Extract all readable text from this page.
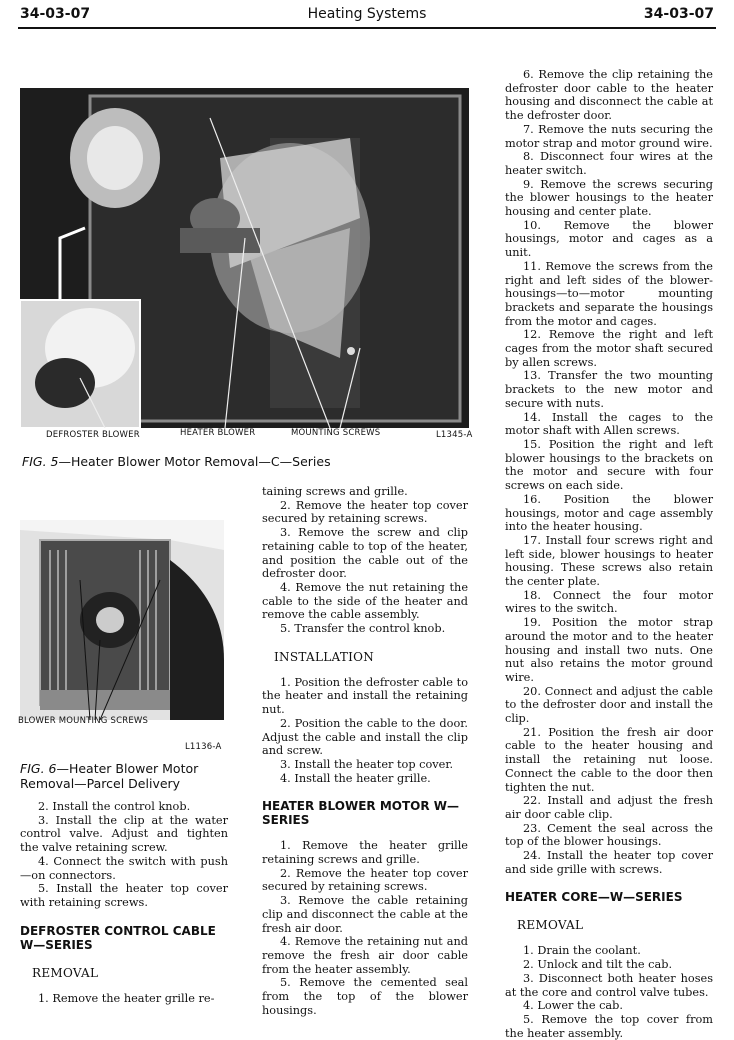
Heating Systems
34-03-07	34-03-07
DEFROSTER BLOWER	HEATER BLOWER	MOUNTING SCREWS	L1345-A
FIG. 5—Heater Blower Motor Removal—C—Series
BLOWER MOUNTING SCREWS
L1136-A
FIG. 6—Heater Blower Motor Removal—Parcel Delivery

2. Install the control knob.

3. Install the clip at the water control valve. Adjust and tighten the valve retaining screw.

4. Connect the switch with push—on connectors.

5. Install the heater top cover with retaining screws.

DEFROSTER CONTROL CABLE W—SERIES
REMOVAL

1. Remove the heater grille re-

taining screws and grille.

2. Remove the heater top cover secured by retaining screws.

3. Remove the screw and clip retaining cable to top of the heater, and position the cable out of the defroster door.

4. Remove the nut retaining the cable to the side of the heater and remove the cable assembly.

5. Transfer the control knob.

INSTALLATION

1. Position the defroster cable to the heater and install the retaining nut.

2. Position the cable to the door. Adjust the cable and install the clip and screw.

3. Install the heater top cover.

4. Install the heater grille.

HEATER BLOWER MOTOR W—SERIES

1. Remove the heater grille retaining screws and grille.

2. Remove the heater top cover secured by retaining screws.

3. Remove the cable retaining clip and disconnect the cable at the fresh air door.

4. Remove the retaining nut and remove the fresh air door cable from the heater assembly.

5. Remove the cemented seal from the top of the blower housings.

6. Remove the clip retaining the defroster door cable to the heater housing and disconnect the cable at the defroster door.

7. Remove the nuts securing the motor strap and motor ground wire.

8. Disconnect four wires at the heater switch.

9. Remove the screws securing the blower housings to the heater housing and center plate.

10. Remove the blower housings, motor and cages as a unit.

11. Remove the screws from the right and left sides of the blower-housings—to—motor mounting brackets and separate the housings from the motor and cages.

12. Remove the right and left cages from the motor shaft secured by allen screws.

13. Transfer the two mounting brackets to the new motor and secure with nuts.

14. Install the cages to the motor shaft with Allen screws.

15. Position the right and left blower housings to the brackets on the motor and secure with four screws on each side.

16. Position the blower housings, motor and cage assembly into the heater housing.

17. Install four screws right and left side, blower housings to heater housing. These screws also retain the center plate.

18. Connect the four motor wires to the switch.

19. Position the motor strap around the motor and to the heater housing and install two nuts. One nut also retains the motor ground wire.

20. Connect and adjust the cable to the defroster door and install the clip.

21. Position the fresh air door cable to the heater housing and install the retaining nut loose. Connect the cable to the door then tighten the nut.

22. Install and adjust the fresh air door cable clip.

23. Cement the seal across the top of the blower housings.

24. Install the heater top cover and side grille with screws.

HEATER CORE—W—SERIES
REMOVAL

1. Drain the coolant.

2. Unlock and tilt the cab.

3. Disconnect both heater hoses at the core and control valve tubes.

4. Lower the cab.

5. Remove the top cover from the heater assembly.
